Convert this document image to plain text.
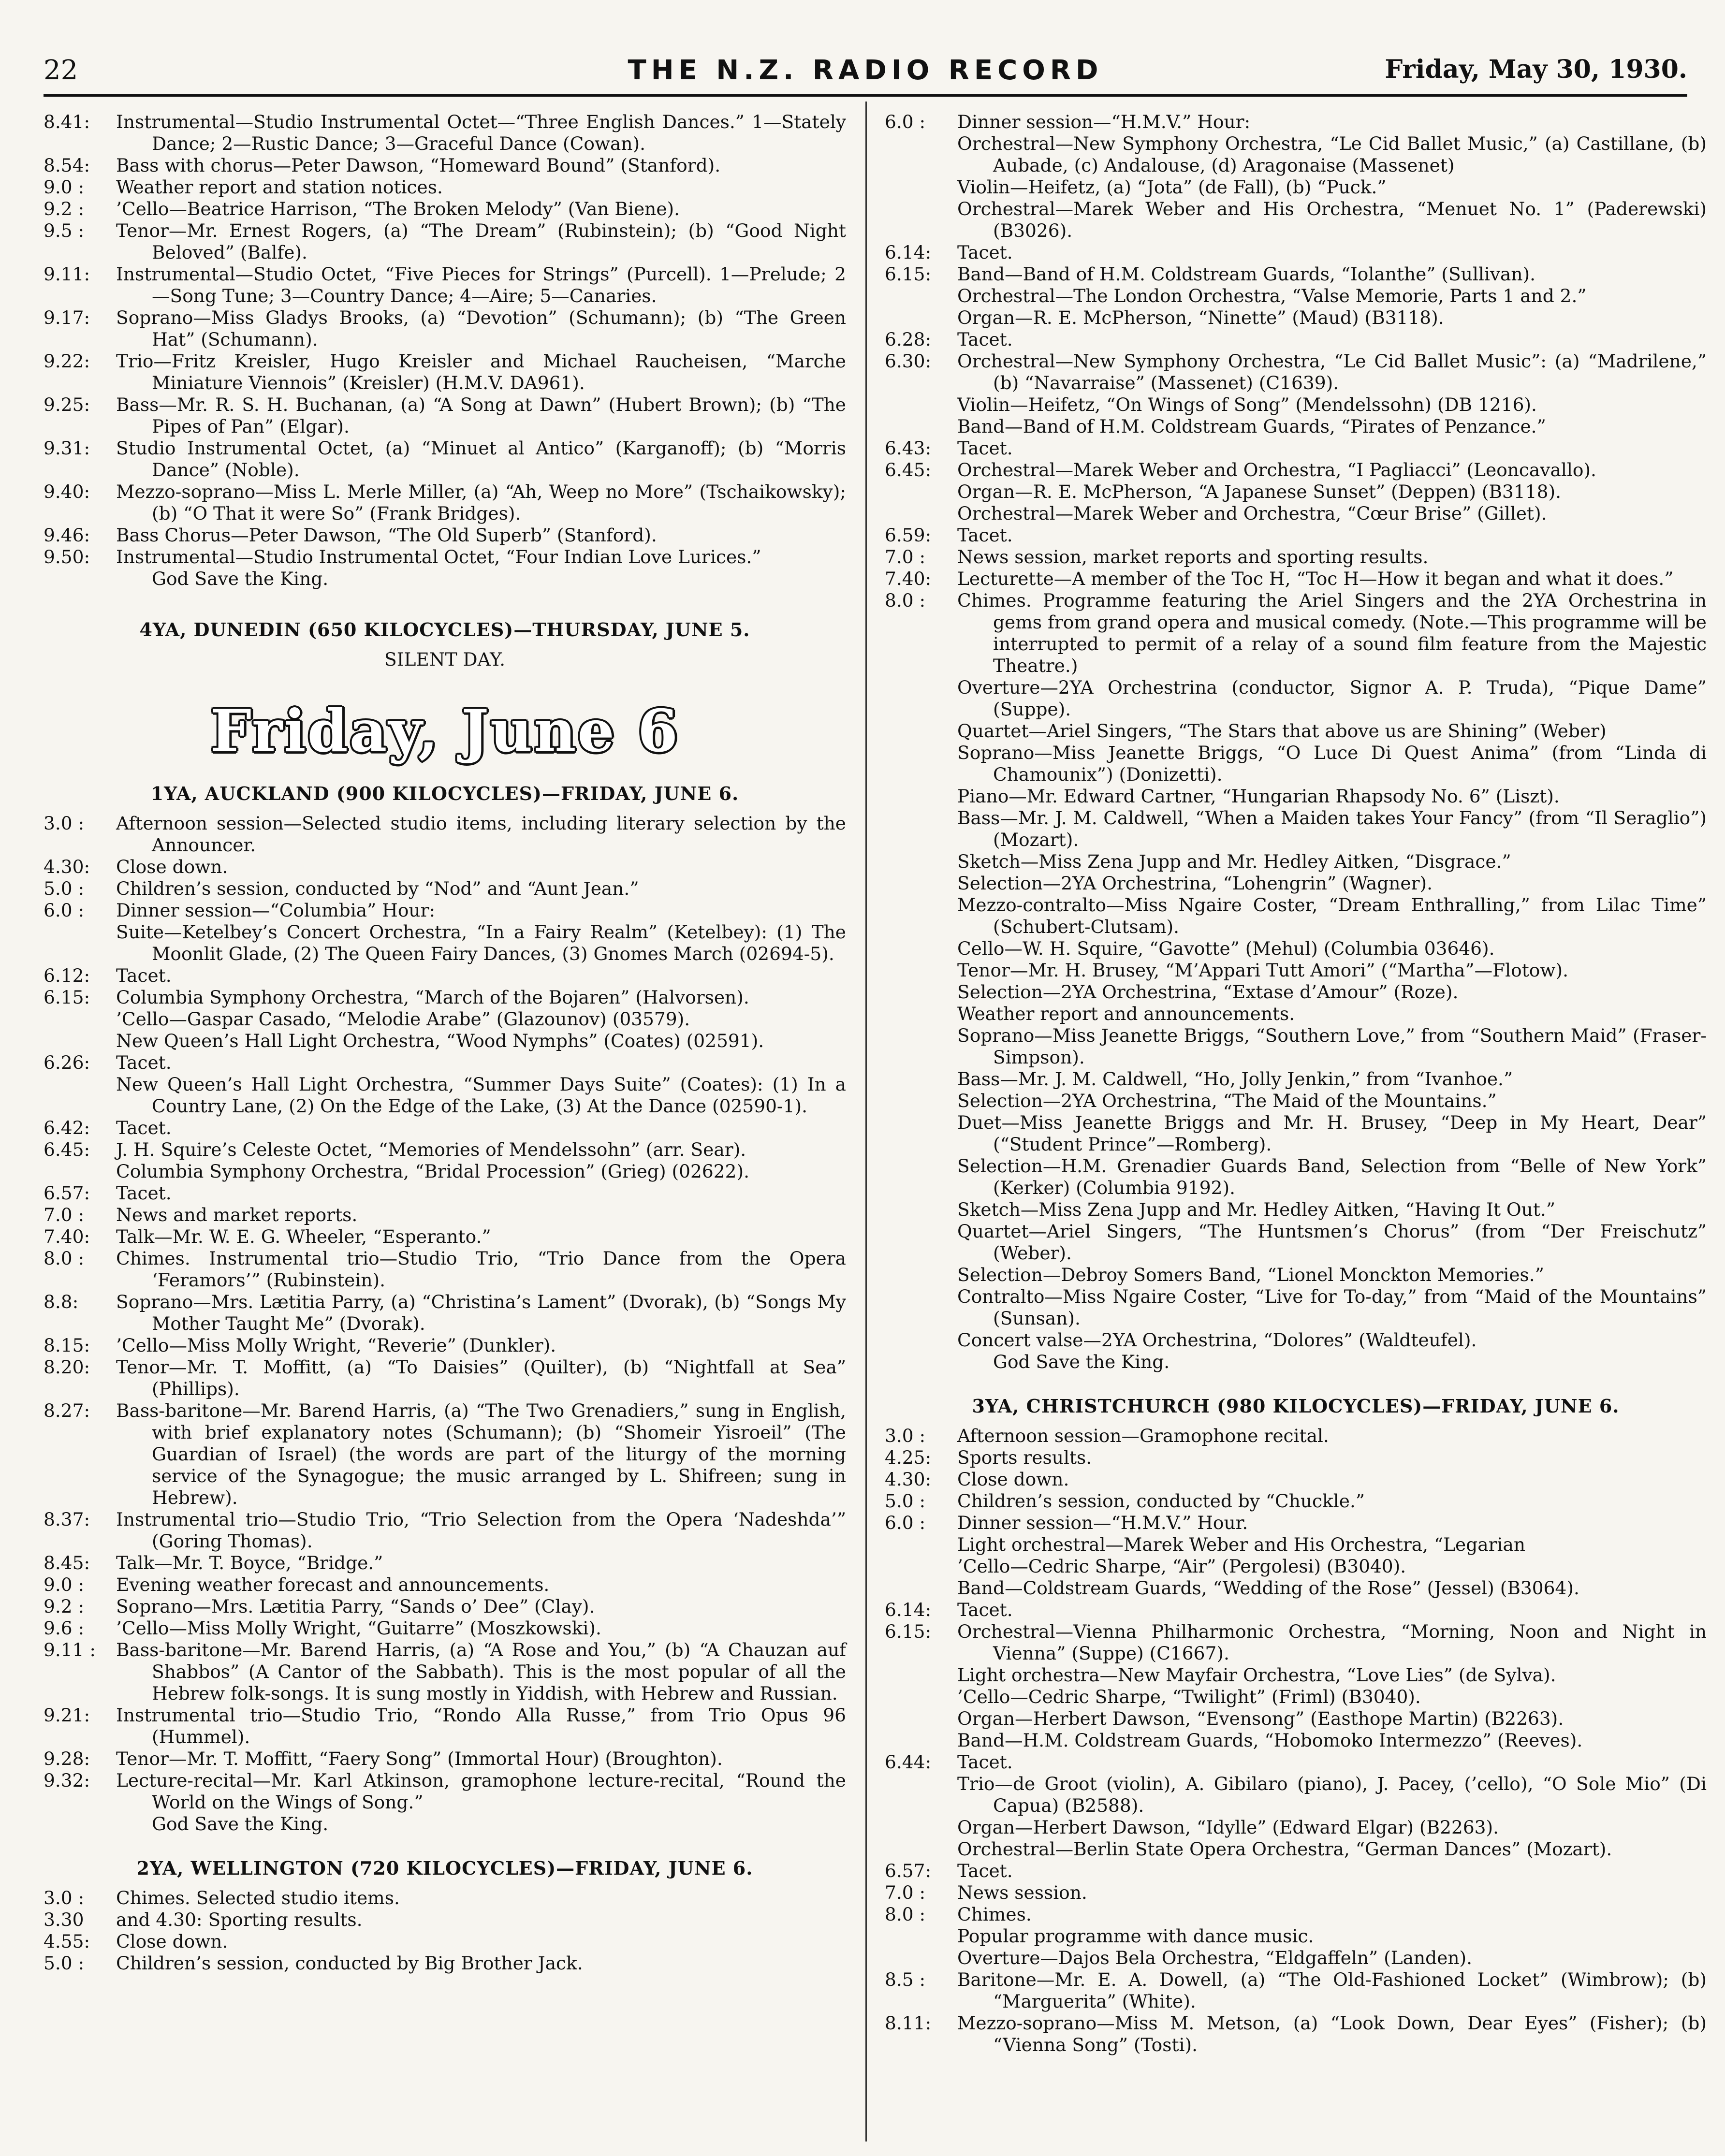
22	THE N.Z. RADIO RECORD	Friday, May 30, 1930.
8.41:	Instrumental—Studio Instrumental Octet—“Three English Dances.” 1—Stately Dance; 2—Rustic Dance; 3—Graceful Dance (Cowan).
8.54:	Bass with chorus—Peter Dawson, “Homeward Bound” (Stanford).
9.0 :	Weather report and station notices.
9.2 :	’Cello—Beatrice Harrison, “The Broken Melody” (Van Biene).
9.5 :	Tenor—Mr. Ernest Rogers, (a) “The Dream” (Rubinstein); (b) “Good Night Beloved” (Balfe).
9.11:	Instrumental—Studio Octet, “Five Pieces for Strings” (Purcell). 1—Prelude; 2—Song Tune; 3—Country Dance; 4—Aire; 5—Canaries.
9.17:	Soprano—Miss Gladys Brooks, (a) “Devotion” (Schumann); (b) “The Green Hat” (Schumann).
9.22:	Trio—Fritz Kreisler, Hugo Kreisler and Michael Raucheisen, “Marche Miniature Viennois” (Kreisler) (H.M.V. DA961).
9.25:	Bass—Mr. R. S. H. Buchanan, (a) “A Song at Dawn” (Hubert Brown); (b) “The Pipes of Pan” (Elgar).
9.31:	Studio Instrumental Octet, (a) “Minuet al Antico” (Karganoff); (b) “Morris Dance” (Noble).
9.40:	Mezzo-soprano—Miss L. Merle Miller, (a) “Ah, Weep no More” (Tschaikowsky); (b) “O That it were So” (Frank Bridges).
9.46:	Bass Chorus—Peter Dawson, “The Old Superb” (Stanford).
9.50:	Instrumental—Studio Instrumental Octet, “Four Indian Love Lurices.”
God Save the King.
4YA, DUNEDIN (650 KILOCYCLES)—THURSDAY, JUNE 5.
SILENT DAY.
Friday, June 6
1YA, AUCKLAND (900 KILOCYCLES)—FRIDAY, JUNE 6.
3.0 :	Afternoon session—Selected studio items, including literary selection by the Announcer.
4.30:	Close down.
5.0 :	Children’s session, conducted by “Nod” and “Aunt Jean.”
6.0 :	Dinner session—“Columbia” Hour:
Suite—Ketelbey’s Concert Orchestra, “In a Fairy Realm” (Ketelbey): (1) The Moonlit Glade, (2) The Queen Fairy Dances, (3) Gnomes March (02694-5).
6.12:	Tacet.
6.15:	Columbia Symphony Orchestra, “March of the Bojaren” (Halvorsen).
’Cello—Gaspar Casado, “Melodie Arabe” (Glazounov) (03579).
New Queen’s Hall Light Orchestra, “Wood Nymphs” (Coates) (02591).
6.26:	Tacet.
New Queen’s Hall Light Orchestra, “Summer Days Suite” (Coates): (1) In a Country Lane, (2) On the Edge of the Lake, (3) At the Dance (02590-1).
6.42:	Tacet.
6.45:	J. H. Squire’s Celeste Octet, “Memories of Mendelssohn” (arr. Sear).
Columbia Symphony Orchestra, “Bridal Procession” (Grieg) (02622).
6.57:	Tacet.
7.0 :	News and market reports.
7.40:	Talk—Mr. W. E. G. Wheeler, “Esperanto.”
8.0 :	Chimes. Instrumental trio—Studio Trio, “Trio Dance from the Opera ‘Feramors’” (Rubinstein).
8.8:	Soprano—Mrs. Lætitia Parry, (a) “Christina’s Lament” (Dvorak), (b) “Songs My Mother Taught Me” (Dvorak).
8.15:	’Cello—Miss Molly Wright, “Reverie” (Dunkler).
8.20:	Tenor—Mr. T. Moffitt, (a) “To Daisies” (Quilter), (b) “Nightfall at Sea” (Phillips).
8.27:	Bass-baritone—Mr. Barend Harris, (a) “The Two Grenadiers,” sung in English, with brief explanatory notes (Schumann); (b) “Shomeir Yisroeil” (The Guardian of Israel) (the words are part of the liturgy of the morning service of the Synagogue; the music arranged by L. Shifreen; sung in Hebrew).
8.37:	Instrumental trio—Studio Trio, “Trio Selection from the Opera ‘Nadeshda’” (Goring Thomas).
8.45:	Talk—Mr. T. Boyce, “Bridge.”
9.0 :	Evening weather forecast and announcements.
9.2 :	Soprano—Mrs. Lætitia Parry, “Sands o’ Dee” (Clay).
9.6 :	’Cello—Miss Molly Wright, “Guitarre” (Moszkowski).
9.11 :	Bass-baritone—Mr. Barend Harris, (a) “A Rose and You,” (b) “A Chauzan auf Shabbos” (A Cantor of the Sabbath). This is the most popular of all the Hebrew folk-songs. It is sung mostly in Yiddish, with Hebrew and Russian.
9.21:	Instrumental trio—Studio Trio, “Rondo Alla Russe,” from Trio Opus 96 (Hummel).
9.28:	Tenor—Mr. T. Moffitt, “Faery Song” (Immortal Hour) (Broughton).
9.32:	Lecture-recital—Mr. Karl Atkinson, gramophone lecture-recital, “Round the World on the Wings of Song.”
God Save the King.
2YA, WELLINGTON (720 KILOCYCLES)—FRIDAY, JUNE 6.
3.0 :	Chimes. Selected studio items.
3.30	and 4.30: Sporting results.
4.55:	Close down.
5.0 :	Children’s session, conducted by Big Brother Jack.
6.0 :	Dinner session—“H.M.V.” Hour:
Orchestral—New Symphony Orchestra, “Le Cid Ballet Music,” (a) Castillane, (b) Aubade, (c) Andalouse, (d) Aragonaise (Massenet)
Violin—Heifetz, (a) “Jota” (de Fall), (b) “Puck.”
Orchestral—Marek Weber and His Orchestra, “Menuet No. 1” (Paderewski) (B3026).
6.14:	Tacet.
6.15:	Band—Band of H.M. Coldstream Guards, “Iolanthe” (Sullivan).
Orchestral—The London Orchestra, “Valse Memorie, Parts 1 and 2.”
Organ—R. E. McPherson, “Ninette” (Maud) (B3118).
6.28:	Tacet.
6.30:	Orchestral—New Symphony Orchestra, “Le Cid Ballet Music”: (a) “Madrilene,” (b) “Navarraise” (Massenet) (C1639).
Violin—Heifetz, “On Wings of Song” (Mendelssohn) (DB 1216).
Band—Band of H.M. Coldstream Guards, “Pirates of Penzance.”
6.43:	Tacet.
6.45:	Orchestral—Marek Weber and Orchestra, “I Pagliacci” (Leoncavallo).
Organ—R. E. McPherson, “A Japanese Sunset” (Deppen) (B3118).
Orchestral—Marek Weber and Orchestra, “Cœur Brise” (Gillet).
6.59:	Tacet.
7.0 :	News session, market reports and sporting results.
7.40:	Lecturette—A member of the Toc H, “Toc H—How it began and what it does.”
8.0 :	Chimes. Programme featuring the Ariel Singers and the 2YA Orchestrina in gems from grand opera and musical comedy. (Note.—This programme will be interrupted to permit of a relay of a sound film feature from the Majestic Theatre.)
Overture—2YA Orchestrina (conductor, Signor A. P. Truda), “Pique Dame” (Suppe).
Quartet—Ariel Singers, “The Stars that above us are Shining” (Weber)
Soprano—Miss Jeanette Briggs, “O Luce Di Quest Anima” (from “Linda di Chamounix”) (Donizetti).
Piano—Mr. Edward Cartner, “Hungarian Rhapsody No. 6” (Liszt).
Bass—Mr. J. M. Caldwell, “When a Maiden takes Your Fancy” (from “Il Seraglio”) (Mozart).
Sketch—Miss Zena Jupp and Mr. Hedley Aitken, “Disgrace.”
Selection—2YA Orchestrina, “Lohengrin” (Wagner).
Mezzo-contralto—Miss Ngaire Coster, “Dream Enthralling,” from Lilac Time” (Schubert-Clutsam).
Cello—W. H. Squire, “Gavotte” (Mehul) (Columbia 03646).
Tenor—Mr. H. Brusey, “M’Appari Tutt Amori” (“Martha”—Flotow).
Selection—2YA Orchestrina, “Extase d’Amour” (Roze).
Weather report and announcements.
Soprano—Miss Jeanette Briggs, “Southern Love,” from “Southern Maid” (Fraser-Simpson).
Bass—Mr. J. M. Caldwell, “Ho, Jolly Jenkin,” from “Ivanhoe.”
Selection—2YA Orchestrina, “The Maid of the Mountains.”
Duet—Miss Jeanette Briggs and Mr. H. Brusey, “Deep in My Heart, Dear” (“Student Prince”—Romberg).
Selection—H.M. Grenadier Guards Band, Selection from “Belle of New York” (Kerker) (Columbia 9192).
Sketch—Miss Zena Jupp and Mr. Hedley Aitken, “Having It Out.”
Quartet—Ariel Singers, “The Huntsmen’s Chorus” (from “Der Freischutz” (Weber).
Selection—Debroy Somers Band, “Lionel Monckton Memories.”
Contralto—Miss Ngaire Coster, “Live for To-day,” from “Maid of the Mountains” (Sunsan).
Concert valse—2YA Orchestrina, “Dolores” (Waldteufel).
God Save the King.
3YA, CHRISTCHURCH (980 KILOCYCLES)—FRIDAY, JUNE 6.
3.0 :	Afternoon session—Gramophone recital.
4.25:	Sports results.
4.30:	Close down.
5.0 :	Children’s session, conducted by “Chuckle.”
6.0 :	Dinner session—“H.M.V.” Hour.
Light orchestral—Marek Weber and His Orchestra, “Legarian
’Cello—Cedric Sharpe, “Air” (Pergolesi) (B3040).
Band—Coldstream Guards, “Wedding of the Rose” (Jessel) (B3064).
6.14:	Tacet.
6.15:	Orchestral—Vienna Philharmonic Orchestra, “Morning, Noon and Night in Vienna” (Suppe) (C1667).
Light orchestra—New Mayfair Orchestra, “Love Lies” (de Sylva).
’Cello—Cedric Sharpe, “Twilight” (Friml) (B3040).
Organ—Herbert Dawson, “Evensong” (Easthope Martin) (B2263).
Band—H.M. Coldstream Guards, “Hobomoko Intermezzo” (Reeves).
6.44:	Tacet.
Trio—de Groot (violin), A. Gibilaro (piano), J. Pacey, (’cello), “O Sole Mio” (Di Capua) (B2588).
Organ—Herbert Dawson, “Idylle” (Edward Elgar) (B2263).
Orchestral—Berlin State Opera Orchestra, “German Dances” (Mozart).
6.57:	Tacet.
7.0 :	News session.
8.0 :	Chimes.
Popular programme with dance music.
Overture—Dajos Bela Orchestra, “Eldgaffeln” (Landen).
8.5 :	Baritone—Mr. E. A. Dowell, (a) “The Old-Fashioned Locket” (Wimbrow); (b) “Marguerita” (White).
8.11:	Mezzo-soprano—Miss M. Metson, (a) “Look Down, Dear Eyes” (Fisher); (b) “Vienna Song” (Tosti).
